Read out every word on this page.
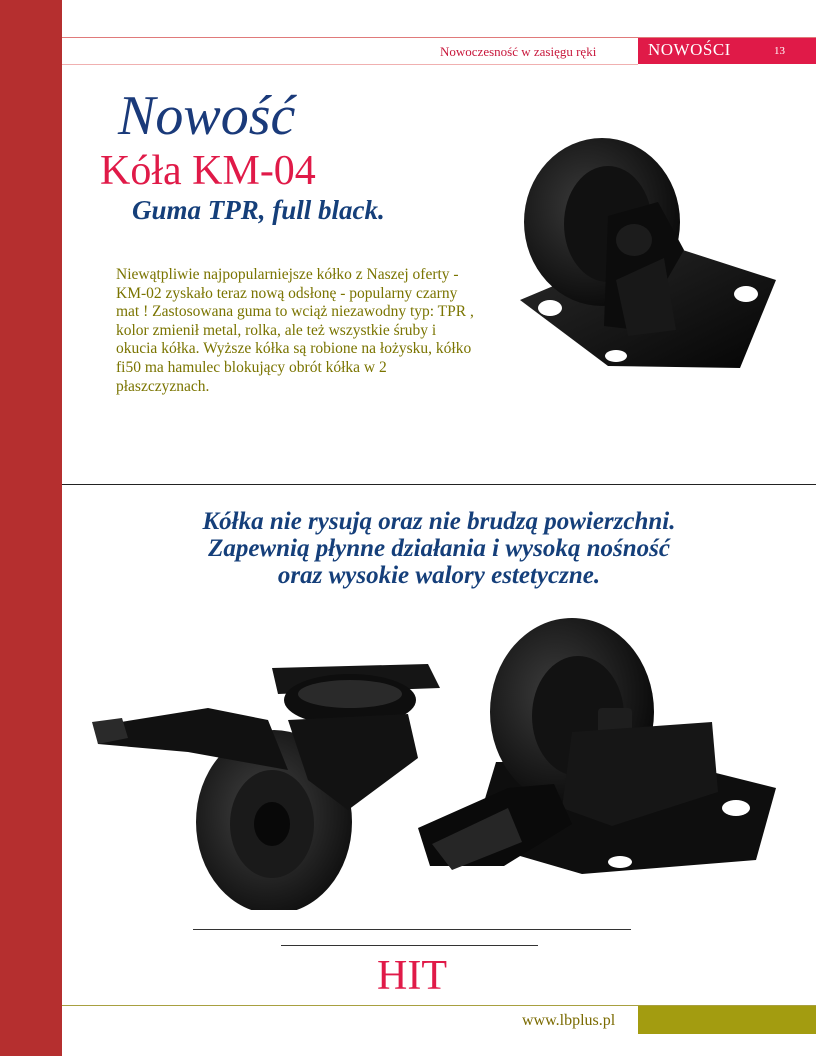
Nowoczesność w zasięgu ręki	NOWOŚCI	13
Nowość
Kóła KM-04
Guma TPR, full black.
Niewątpliwie najpopularniejsze kółko z Naszej oferty - KM-02 zyskało teraz nową odsłonę - popularny czarny mat ! Zastosowana guma to wciąż niezawodny typ: TPR , kolor zmienił metal, rolka, ale też wszystkie śruby i okucia kółka. Wyższe kółka są robione na łożysku, kółko fi50 ma hamulec blokujący obrót kółka w 2 płaszczyznach.
Kółka nie rysują oraz nie brudzą powierzchni.
Zapewnią płynne działania i wysoką nośność
oraz wysokie walory estetyczne.
HIT
www.lbplus.pl
